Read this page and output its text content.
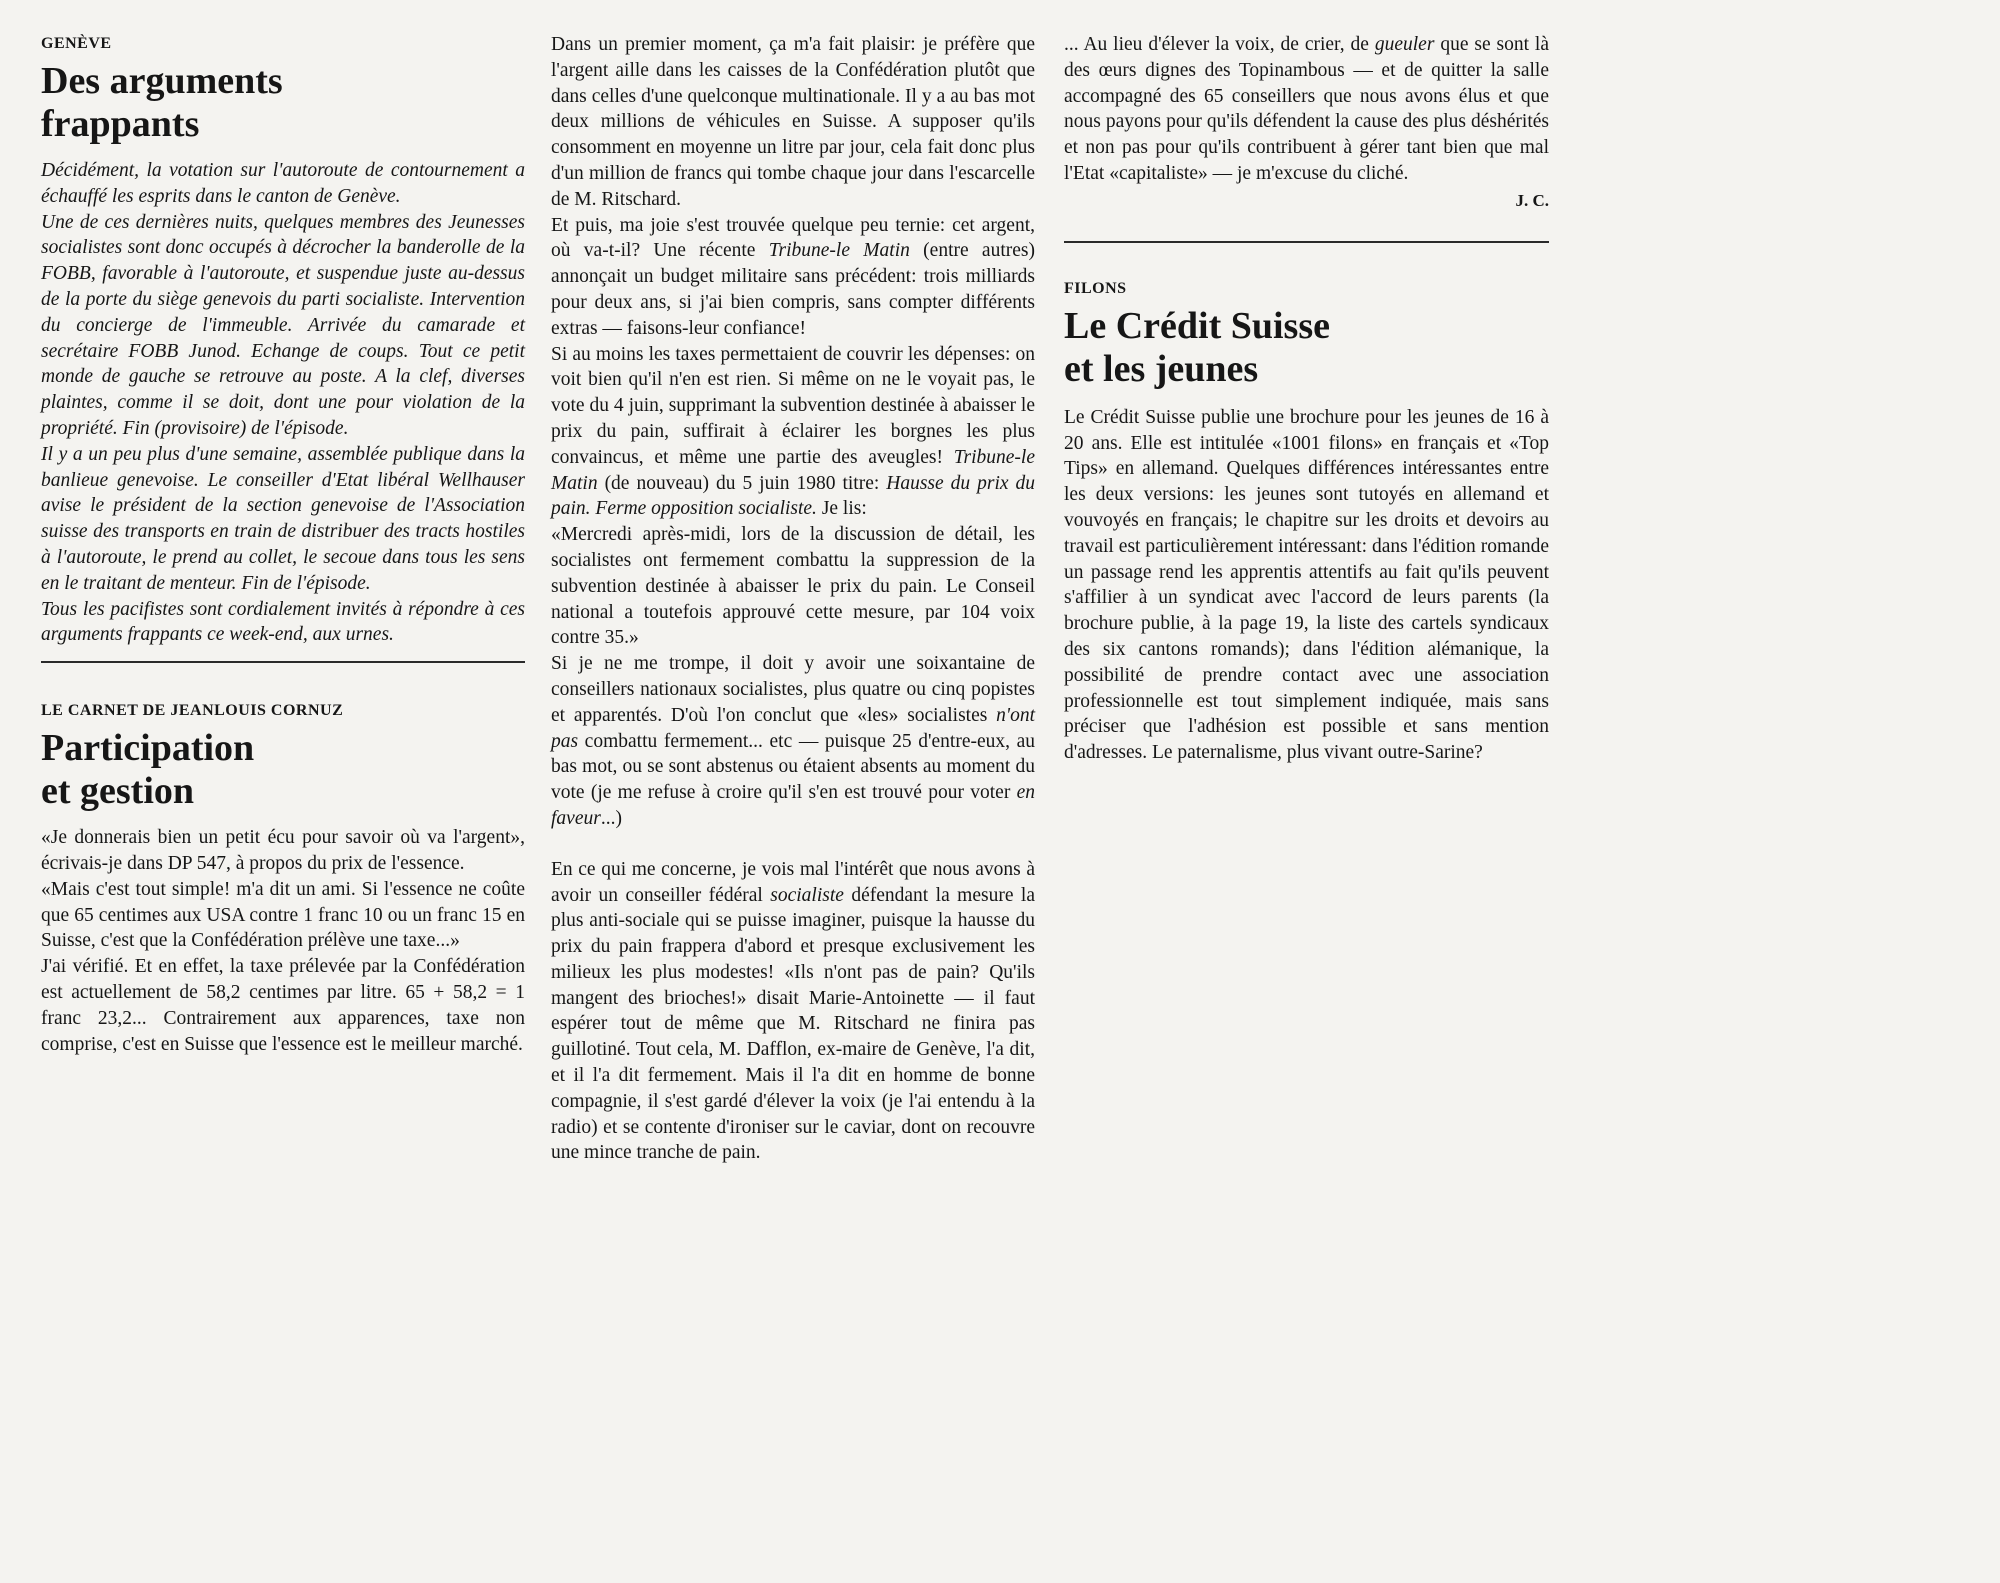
GENÈVE
Des arguments
frappants

Décidément, la votation sur l'autoroute de contournement a échauffé les esprits dans le canton de Genève.

Une de ces dernières nuits, quelques membres des Jeunesses socialistes sont donc occupés à décrocher la banderolle de la FOBB, favorable à l'autoroute, et suspendue juste au-dessus de la porte du siège genevois du parti socialiste. Intervention du concierge de l'immeuble. Arrivée du camarade et secrétaire FOBB Junod. Echange de coups. Tout ce petit monde de gauche se retrouve au poste. A la clef, diverses plaintes, comme il se doit, dont une pour violation de la propriété. Fin (provisoire) de l'épisode.

Il y a un peu plus d'une semaine, assemblée publique dans la banlieue genevoise. Le conseiller d'Etat libéral Wellhauser avise le président de la section genevoise de l'Association suisse des transports en train de distribuer des tracts hostiles à l'autoroute, le prend au collet, le secoue dans tous les sens en le traitant de menteur. Fin de l'épisode.

Tous les pacifistes sont cordialement invités à répondre à ces arguments frappants ce week-end, aux urnes.

LE CARNET DE JEANLOUIS CORNUZ
Participation
et gestion

«Je donnerais bien un petit écu pour savoir où va l'argent», écrivais-je dans DP 547, à propos du prix de l'essence.

«Mais c'est tout simple! m'a dit un ami. Si l'essence ne coûte que 65 centimes aux USA contre 1 franc 10 ou un franc 15 en Suisse, c'est que la Confédération prélève une taxe...»

J'ai vérifié. Et en effet, la taxe prélevée par la Confédération est actuellement de 58,2 centimes par litre. 65 + 58,2 = 1 franc 23,2... Contrairement aux apparences, taxe non comprise, c'est en Suisse que l'essence est le meilleur marché.

Dans un premier moment, ça m'a fait plaisir: je préfère que l'argent aille dans les caisses de la Confédération plutôt que dans celles d'une quelconque multinationale. Il y a au bas mot deux millions de véhicules en Suisse. A supposer qu'ils consomment en moyenne un litre par jour, cela fait donc plus d'un million de francs qui tombe chaque jour dans l'escarcelle de M. Ritschard.

Et puis, ma joie s'est trouvée quelque peu ternie: cet argent, où va-t-il? Une récente Tribune-le Matin (entre autres) annonçait un budget militaire sans précédent: trois milliards pour deux ans, si j'ai bien compris, sans compter différents extras — faisons-leur confiance!

Si au moins les taxes permettaient de couvrir les dépenses: on voit bien qu'il n'en est rien. Si même on ne le voyait pas, le vote du 4 juin, supprimant la subvention destinée à abaisser le prix du pain, suffirait à éclairer les borgnes les plus convaincus, et même une partie des aveugles! Tribune-le Matin (de nouveau) du 5 juin 1980 titre: Hausse du prix du pain. Ferme opposition socialiste. Je lis:

«Mercredi après-midi, lors de la discussion de détail, les socialistes ont fermement combattu la suppression de la subvention destinée à abaisser le prix du pain. Le Conseil national a toutefois approuvé cette mesure, par 104 voix contre 35.»

Si je ne me trompe, il doit y avoir une soixantaine de conseillers nationaux socialistes, plus quatre ou cinq popistes et apparentés. D'où l'on conclut que «les» socialistes n'ont pas combattu fermement... etc — puisque 25 d'entre-eux, au bas mot, ou se sont abstenus ou étaient absents au moment du vote (je me refuse à croire qu'il s'en est trouvé pour voter en faveur...)

En ce qui me concerne, je vois mal l'intérêt que nous avons à avoir un conseiller fédéral socialiste défendant la mesure la plus anti-sociale qui se puisse imaginer, puisque la hausse du prix du pain frappera d'abord et presque exclusivement les milieux les plus modestes! «Ils n'ont pas de pain? Qu'ils mangent des brioches!» disait Marie-Antoinette — il faut espérer tout de même que M. Ritschard ne finira pas guillotiné. Tout cela, M. Dafflon, ex-maire de Genève, l'a dit, et il l'a dit fermement. Mais il l'a dit en homme de bonne compagnie, il s'est gardé d'élever la voix (je l'ai entendu à la radio) et se contente d'ironiser sur le caviar, dont on recouvre une mince tranche de pain.

... Au lieu d'élever la voix, de crier, de gueuler que se sont là des œurs dignes des Topinambous — et de quitter la salle accompagné des 65 conseillers que nous avons élus et que nous payons pour qu'ils défendent la cause des plus déshérités et non pas pour qu'ils contribuent à gérer tant bien que mal l'Etat «capitaliste» — je m'excuse du cliché.

J. C.
FILONS
Le Crédit Suisse
et les jeunes

Le Crédit Suisse publie une brochure pour les jeunes de 16 à 20 ans. Elle est intitulée «1001 filons» en français et «Top Tips» en allemand. Quelques différences intéressantes entre les deux versions: les jeunes sont tutoyés en allemand et vouvoyés en français; le chapitre sur les droits et devoirs au travail est particulièrement intéressant: dans l'édition romande un passage rend les apprentis attentifs au fait qu'ils peuvent s'affilier à un syndicat avec l'accord de leurs parents (la brochure publie, à la page 19, la liste des cartels syndicaux des six cantons romands); dans l'édition alémanique, la possibilité de prendre contact avec une association professionnelle est tout simplement indiquée, mais sans préciser que l'adhésion est possible et sans mention d'adresses. Le paternalisme, plus vivant outre-Sarine?
